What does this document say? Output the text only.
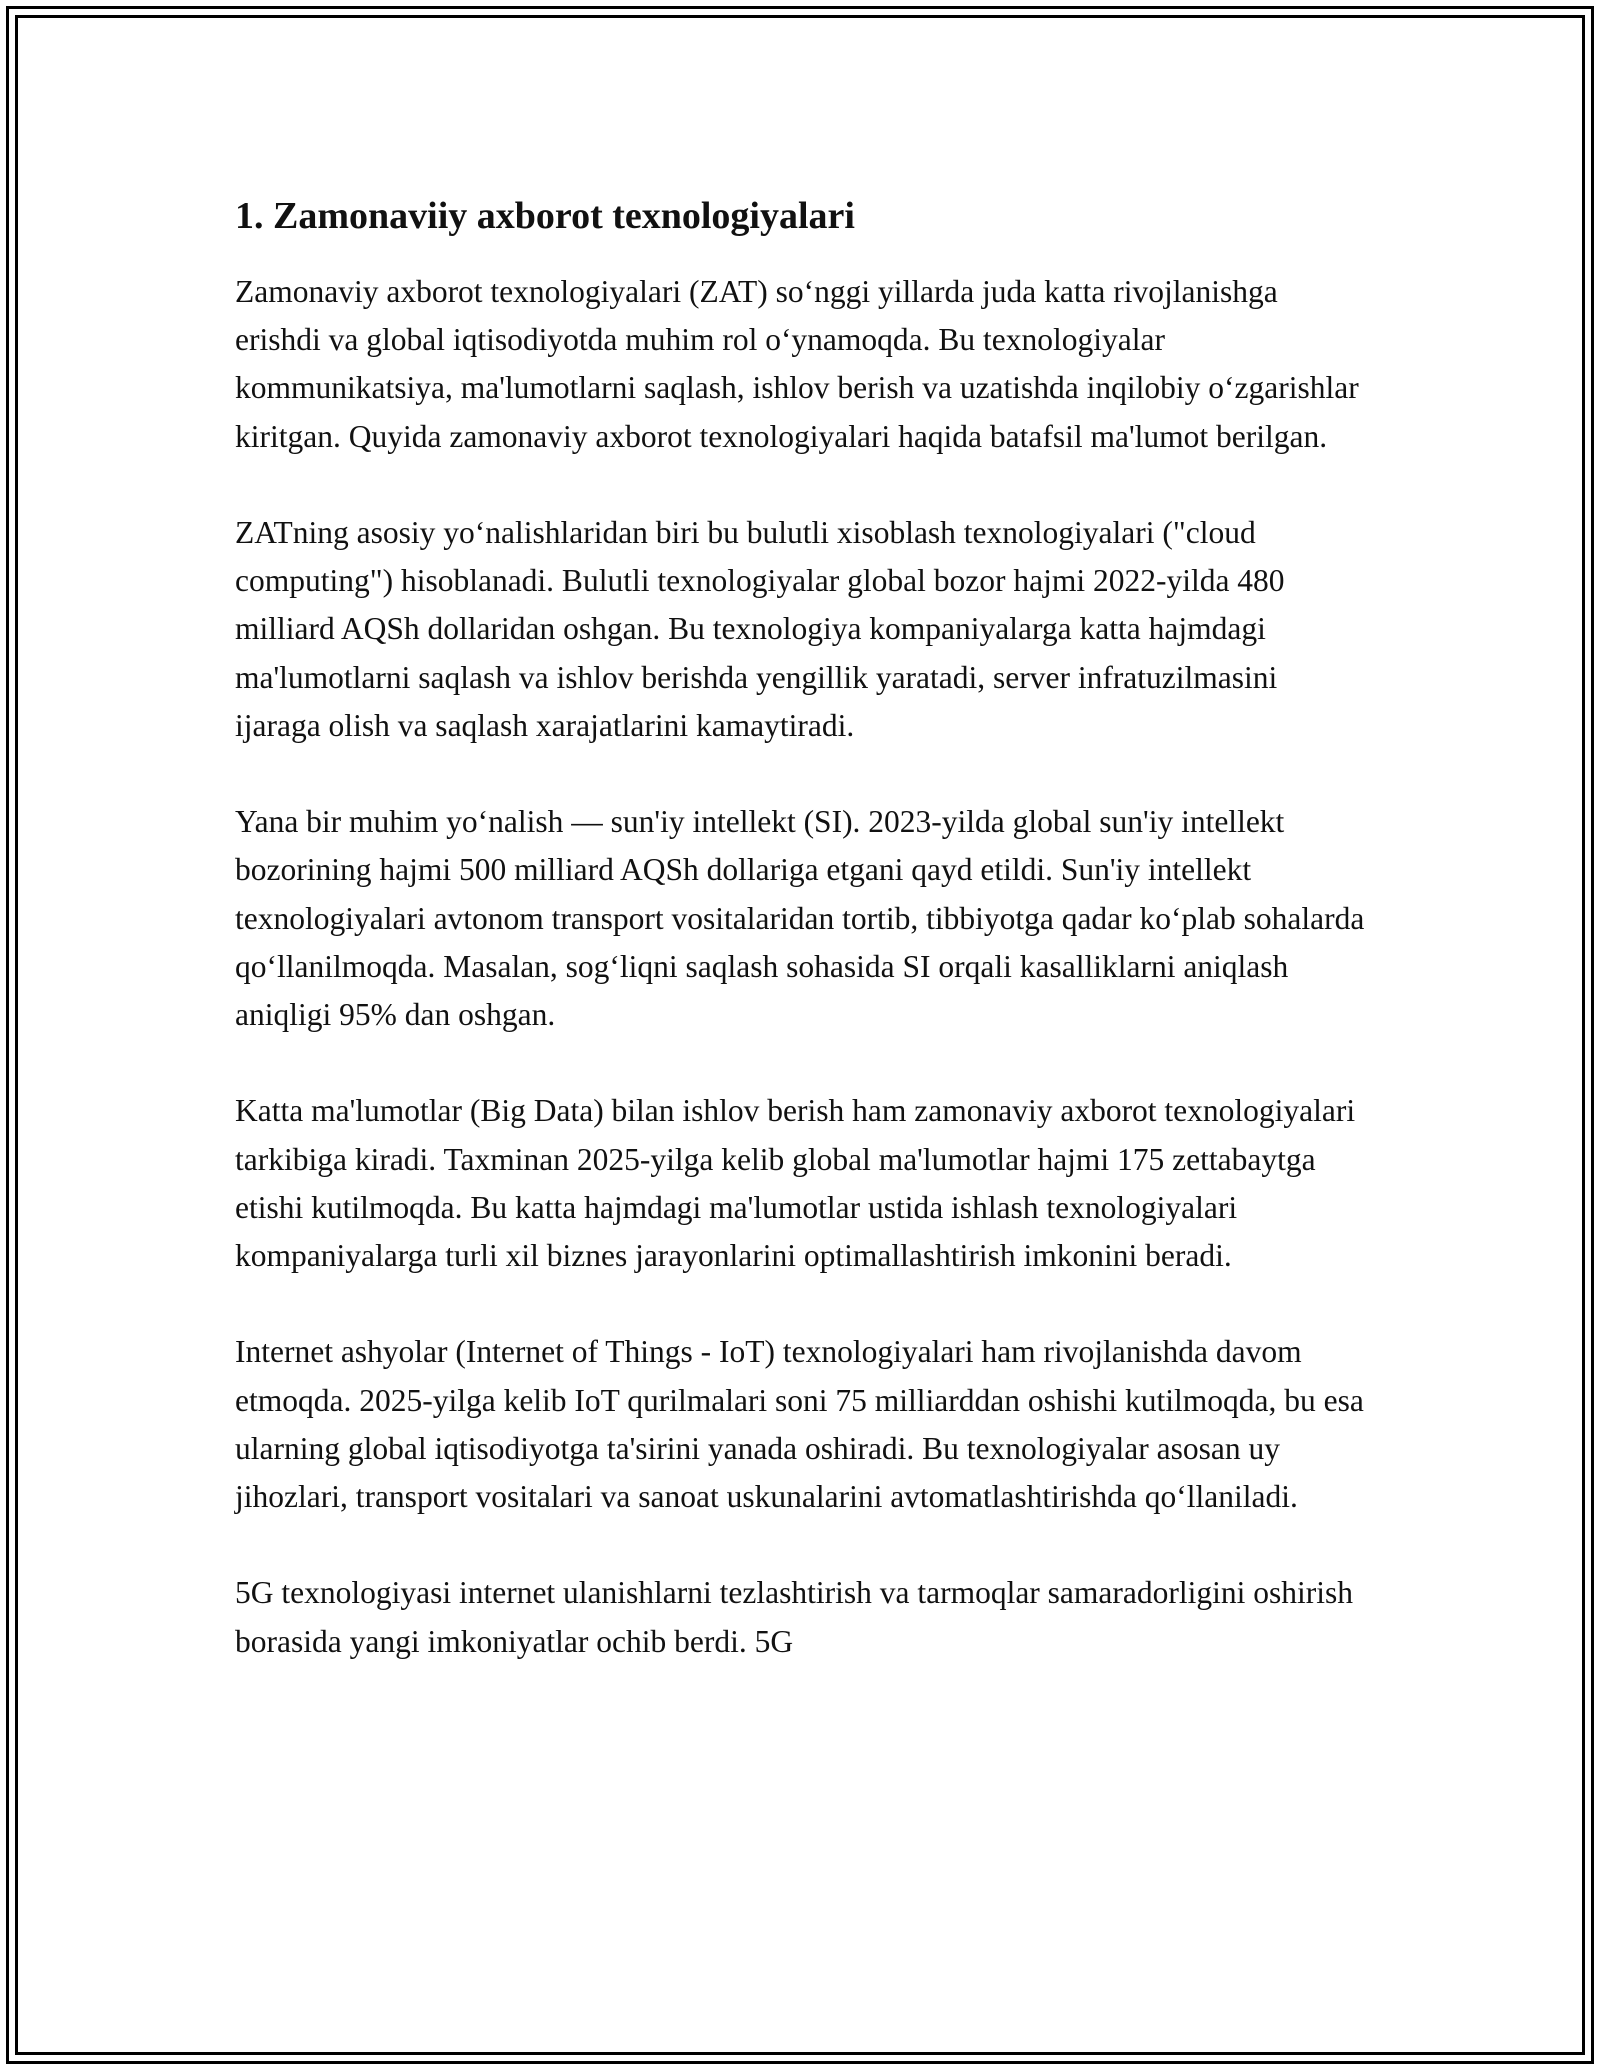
1. Zamonaviiy axborot texnologiyalari

Zamonaviy axborot texnologiyalari (ZAT) so‘nggi yillarda juda katta rivojlanishga erishdi va global iqtisodiyotda muhim rol o‘ynamoqda. Bu texnologiyalar kommunikatsiya, ma'lumotlarni saqlash, ishlov berish va uzatishda inqilobiy o‘zgarishlar kiritgan. Quyida zamonaviy axborot texnologiyalari haqida batafsil ma'lumot berilgan.

ZATning asosiy yo‘nalishlaridan biri bu bulutli xisoblash texnologiyalari ("cloud computing") hisoblanadi. Bulutli texnologiyalar global bozor hajmi 2022-yilda 480 milliard AQSh dollaridan oshgan. Bu texnologiya kompaniyalarga katta hajmdagi ma'lumotlarni saqlash va ishlov berishda yengillik yaratadi, server infratuzilmasini ijaraga olish va saqlash xarajatlarini kamaytiradi.

Yana bir muhim yo‘nalish — sun'iy intellekt (SI). 2023-yilda global sun'iy intellekt bozorining hajmi 500 milliard AQSh dollariga etgani qayd etildi. Sun'iy intellekt texnologiyalari avtonom transport vositalaridan tortib, tibbiyotga qadar ko‘plab sohalarda qo‘llanilmoqda. Masalan, sog‘liqni saqlash sohasida SI orqali kasalliklarni aniqlash aniqligi 95% dan oshgan.

Katta ma'lumotlar (Big Data) bilan ishlov berish ham zamonaviy axborot texnologiyalari tarkibiga kiradi. Taxminan 2025-yilga kelib global ma'lumotlar hajmi 175 zettabaytga etishi kutilmoqda. Bu katta hajmdagi ma'lumotlar ustida ishlash texnologiyalari kompaniyalarga turli xil biznes jarayonlarini optimallashtirish imkonini beradi.

Internet ashyolar (Internet of Things - IoT) texnologiyalari ham rivojlanishda davom etmoqda. 2025-yilga kelib IoT qurilmalari soni 75 milliarddan oshishi kutilmoqda, bu esa ularning global iqtisodiyotga ta'sirini yanada oshiradi. Bu texnologiyalar asosan uy jihozlari, transport vositalari va sanoat uskunalarini avtomatlashtirishda qo‘llaniladi.

5G texnologiyasi internet ulanishlarni tezlashtirish va tarmoqlar samaradorligini oshirish borasida yangi imkoniyatlar ochib berdi. 5G
